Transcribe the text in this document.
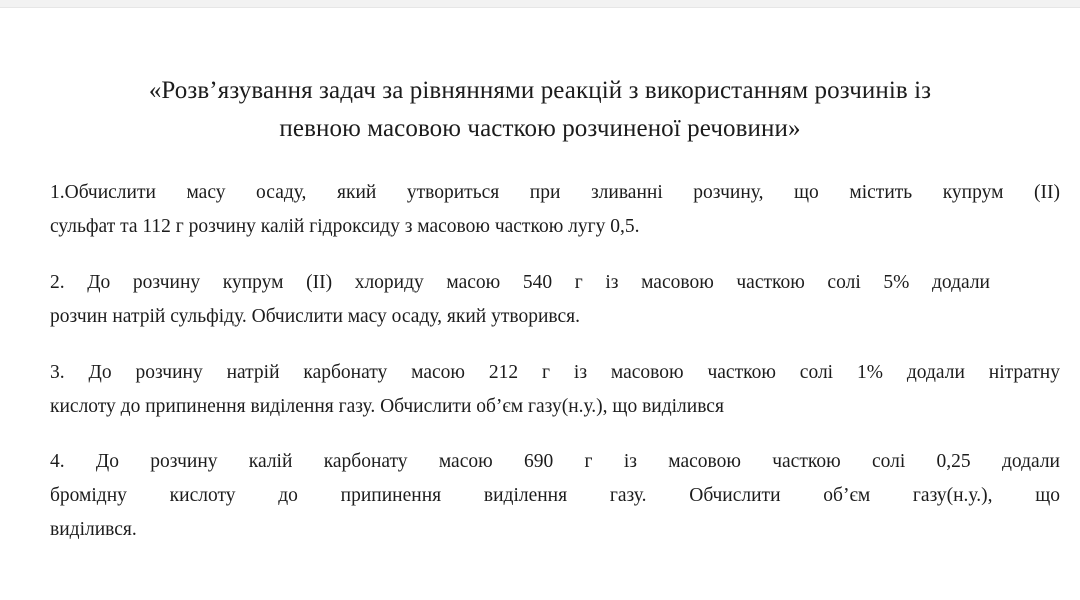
«Розв’язування задач за рівняннями реакцій з використанням розчинів із
певною масовою часткою розчиненої речовини»

1.Обчислити масу осаду, який утвориться при зливанні розчину, що містить купрум (II)
сульфат та 112 г розчину калій гідроксиду з масовою часткою лугу 0,5.

2. До розчину купрум (II) хлориду масою 540 г із масовою часткою солі 5% додали
розчин натрій сульфіду. Обчислити масу осаду, який утворився.

3. До розчину натрій карбонату масою 212 г із масовою часткою солі 1% додали нітратну
кислоту до припинення виділення газу. Обчислити об’єм газу(н.у.), що виділився

4. До розчину калій карбонату масою 690 г із масовою часткою солі 0,25 додали
бромідну кислоту до припинення виділення газу. Обчислити об’єм газу(н.у.), що
виділився.
